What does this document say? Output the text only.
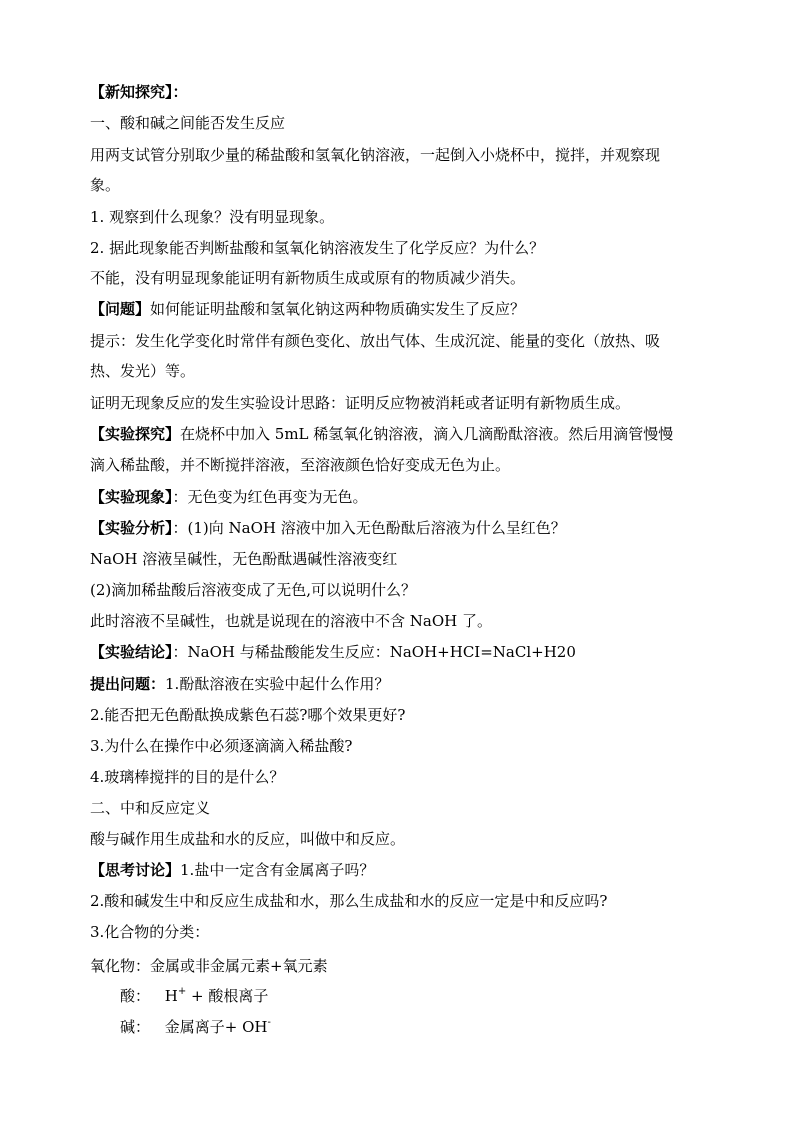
【新知探究】：
一、酸和碱之间能否发生反应
用两支试管分别取少量的稀盐酸和氢氧化钠溶液，一起倒入小烧杯中，搅拌，并观察现
象。
1. 观察到什么现象？没有明显现象。
2. 据此现象能否判断盐酸和氢氧化钠溶液发生了化学反应？为什么？
不能，没有明显现象能证明有新物质生成或原有的物质减少消失。
【问题】如何能证明盐酸和氢氧化钠这两种物质确实发生了反应？
提示：发生化学变化时常伴有颜色变化、放出气体、生成沉淀、能量的变化（放热、吸
热、发光）等。
证明无现象反应的发生实验设计思路：证明反应物被消耗或者证明有新物质生成。
【实验探究】在烧杯中加入 5mL 稀氢氧化钠溶液，滴入几滴酚酞溶液。然后用滴管慢慢
滴入稀盐酸，并不断搅拌溶液，至溶液颜色恰好变成无色为止。
【实验现象】：无色变为红色再变为无色。
【实验分析】：(1)向 NaOH 溶液中加入无色酚酞后溶液为什么呈红色？
NaOH 溶液呈碱性，无色酚酞遇碱性溶液变红
(2)滴加稀盐酸后溶液变成了无色,可以说明什么？
此时溶液不呈碱性，也就是说现在的溶液中不含 NaOH 了。
【实验结论】：NaOH 与稀盐酸能发生反应：NaOH+HCI=NaCl+H20
提出问题：1.酚酞溶液在实验中起什么作用？
2.能否把无色酚酞换成紫色石蕊?哪个效果更好?
3.为什么在操作中必须逐滴滴入稀盐酸?
4.玻璃棒搅拌的目的是什么？
二、中和反应定义
酸与碱作用生成盐和水的反应，叫做中和反应。
【思考讨论】1.盐中一定含有金属离子吗？
2.酸和碱发生中和反应生成盐和水，那么生成盐和水的反应一定是中和反应吗?
3.化合物的分类：
氧化物：金属或非金属元素+氧元素
酸： H+ + 酸根离子
碱： 金属离子+ OH-
